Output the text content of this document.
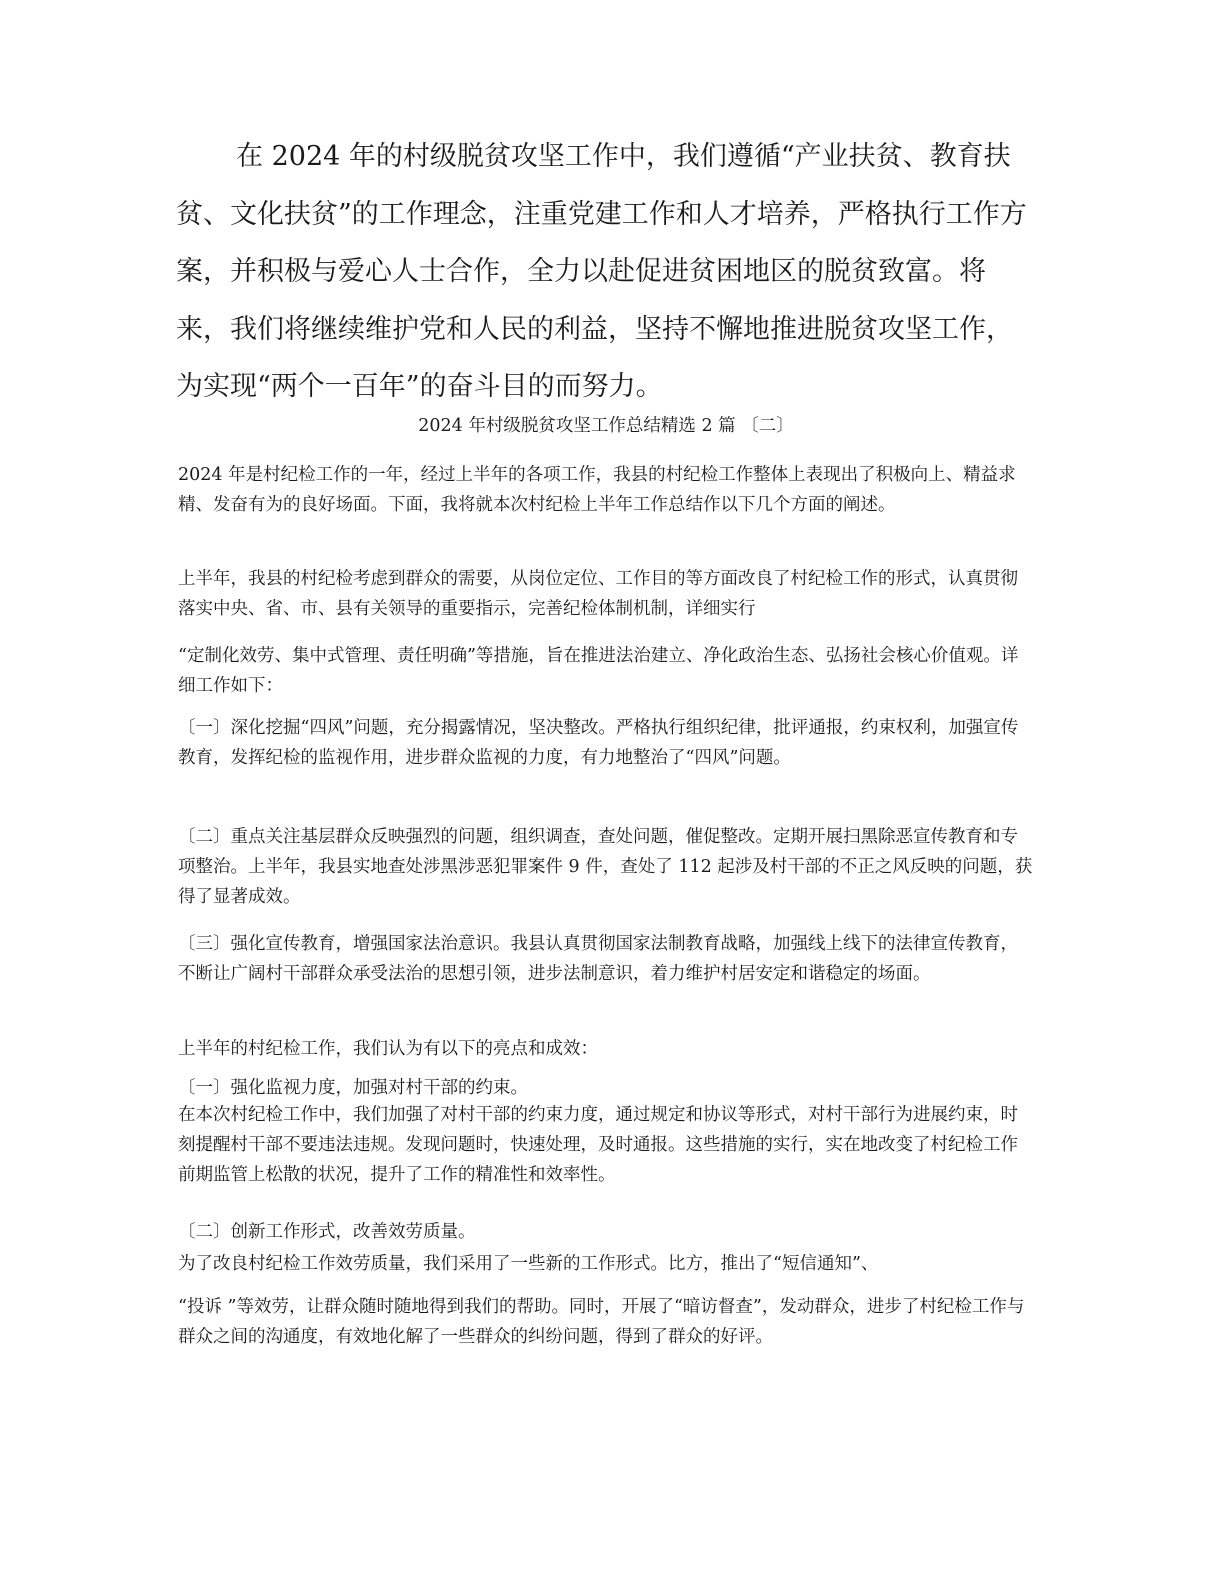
在 2024 年的村级脱贫攻坚工作中，我们遵循“产业扶贫、教育扶贫、文化扶贫”的工作理念，注重党建工作和人才培养，严格执行工作方案，并积极与爱心人士合作，全力以赴促进贫困地区的脱贫致富。将来，我们将继续维护党和人民的利益，坚持不懈地推进脱贫攻坚工作，为实现“两个一百年”的奋斗目的而努力。

2024 年村级脱贫攻坚工作总结精选 2 篇 〔二〕

2024 年是村纪检工作的一年，经过上半年的各项工作，我县的村纪检工作整体上表现出了积极向上、精益求精、发奋有为的良好场面。下面，我将就本次村纪检上半年工作总结作以下几个方面的阐述。

上半年，我县的村纪检考虑到群众的需要，从岗位定位、工作目的等方面改良了村纪检工作的形式，认真贯彻落实中央、省、市、县有关领导的重要指示，完善纪检体制机制，详细实行

“定制化效劳、集中式管理、责任明确”等措施，旨在推进法治建立、净化政治生态、弘扬社会核心价值观。详细工作如下：

〔一〕深化挖掘“四风”问题，充分揭露情况，坚决整改。严格执行组织纪律，批评通报，约束权利，加强宣传教育，发挥纪检的监视作用，进步群众监视的力度，有力地整治了“四风”问题。

〔二〕重点关注基层群众反映强烈的问题，组织调查，查处问题，催促整改。定期开展扫黑除恶宣传教育和专项整治。上半年，我县实地查处涉黑涉恶犯罪案件 9 件，查处了 112 起涉及村干部的不正之风反映的问题，获得了显著成效。

〔三〕强化宣传教育，增强国家法治意识。我县认真贯彻国家法制教育战略，加强线上线下的法律宣传教育，不断让广阔村干部群众承受法治的思想引领，进步法制意识，着力维护村居安定和谐稳定的场面。

上半年的村纪检工作，我们认为有以下的亮点和成效：

〔一〕强化监视力度，加强对村干部的约束。

在本次村纪检工作中，我们加强了对村干部的约束力度，通过规定和协议等形式，对村干部行为进展约束，时刻提醒村干部不要违法违规。发现问题时，快速处理，及时通报。这些措施的实行，实在地改变了村纪检工作前期监管上松散的状况，提升了工作的精准性和效率性。

〔二〕创新工作形式，改善效劳质量。

为了改良村纪检工作效劳质量，我们采用了一些新的工作形式。比方，推出了“短信通知”、

“投诉 ”等效劳，让群众随时随地得到我们的帮助。同时，开展了“暗访督查”，发动群众，进步了村纪检工作与群众之间的沟通度，有效地化解了一些群众的纠纷问题，得到了群众的好评。
